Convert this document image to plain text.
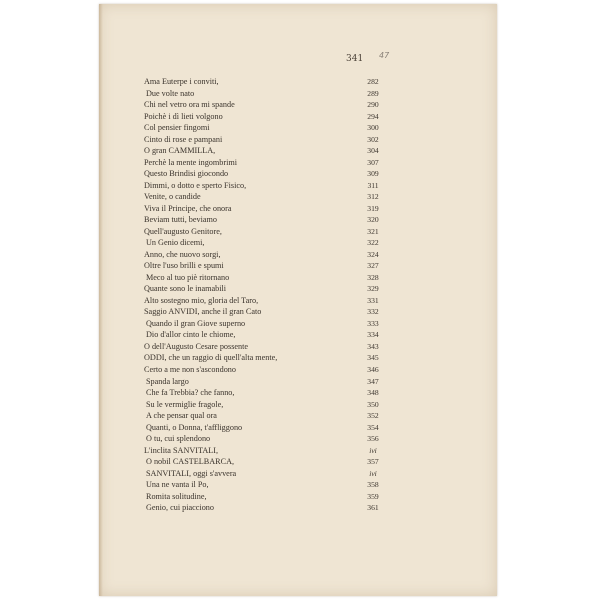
341 47
Ama Euterpe i conviti,	282
Due volte nato	289
Chi nel vetro ora mi spande	290
Poichè i dì lieti volgono	294
Col pensier fingomi	300
Cinto di rose e pampani	302
O gran CAMMILLA,	304
Perchè la mente ingombrimi	307
Questo Brindisi giocondo	309
Dimmi, o dotto e sperto Fisico,	311
Venite, o candide	312
Viva il Principe, che onora	319
Beviam tutti, beviamo	320
Quell'augusto Genitore,	321
Un Genio dicemi,	322
Anno, che nuovo sorgi,	324
Oltre l'uso brilli e spumi	327
Meco al tuo piè ritornano	328
Quante sono le inamabili	329
Alto sostegno mio, gloria del Taro,	331
Saggio ANVIDI, anche il gran Cato	332
Quando il gran Giove superno	333
Dio d'allor cinto le chiome,	334
O dell'Augusto Cesare possente	343
ODDI, che un raggio di quell'alta mente,	345
Certo a me non s'ascondono	346
Spanda largo	347
Che fa Trebbia? che fanno,	348
Su le vermiglie fragole,	350
A che pensar qual ora	352
Quanti, o Donna, t'affliggono	354
O tu, cui splendono	356
L'inclita SANVITALI,	ivi
O nobil CASTELBARCA,	357
SANVITALI, oggi s'avvera	ivi
Una ne vanta il Po,	358
Romita solitudine,	359
Genio, cui piacciono	361
